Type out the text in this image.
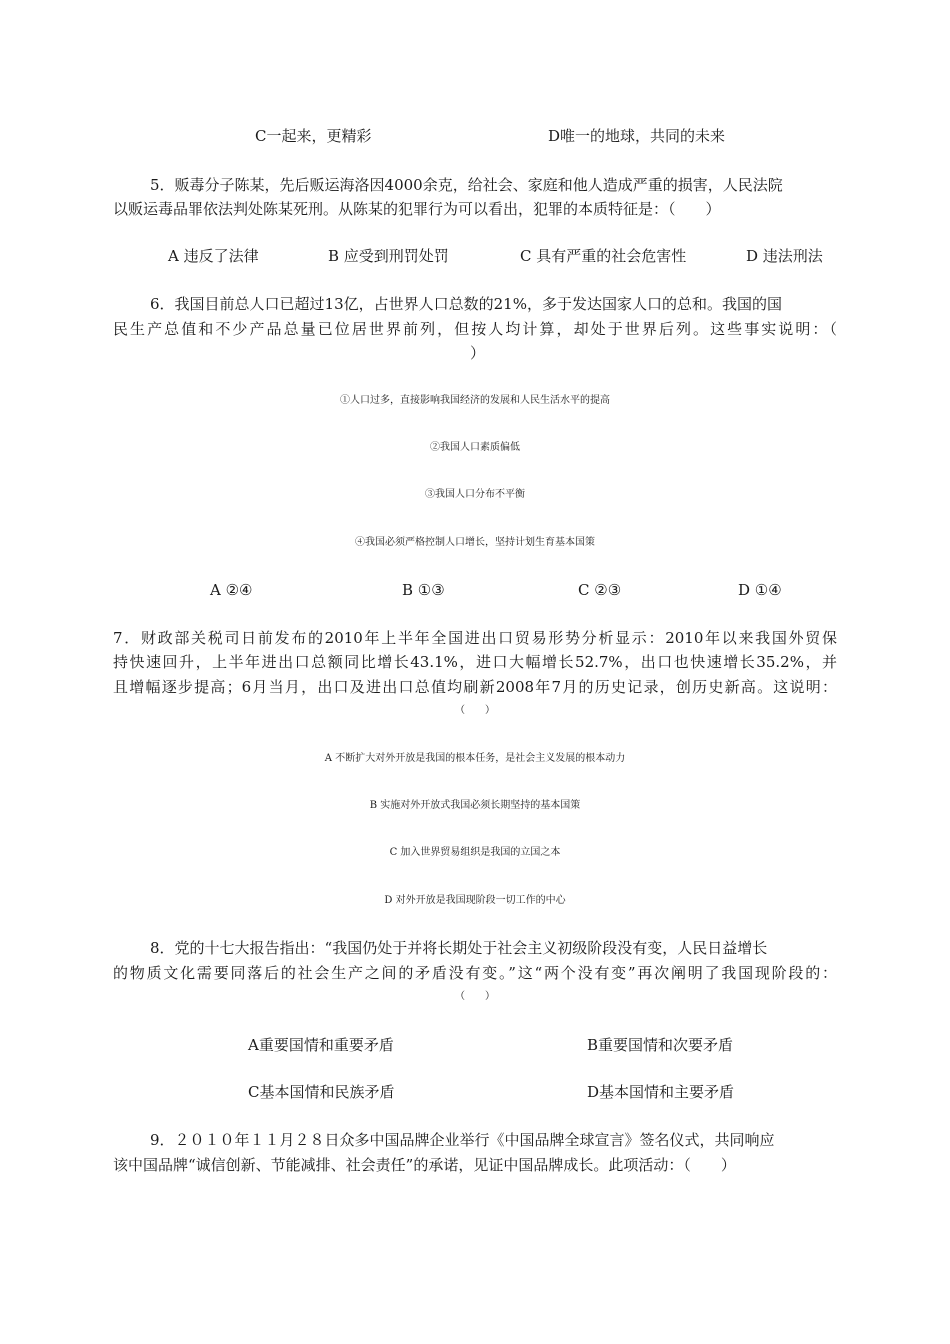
C一起来，更精彩	D唯一的地球，共同的未来
5．贩毒分子陈某，先后贩运海洛因4000余克，给社会、家庭和他人造成严重的损害，人民法院
以贩运毒品罪依法判处陈某死刑。从陈某的犯罪行为可以看出，犯罪的本质特征是：（　　）
A 违反了法律	B 应受到刑罚处罚	C 具有严重的社会危害性	D 违法刑法
6．我国目前总人口已超过13亿，占世界人口总数的21%，多于发达国家人口的总和。我国的国
民生产总值和不少产品总量已位居世界前列，但按人均计算，却处于世界后列。这些事实说明：（
）
①人口过多，直接影响我国经济的发展和人民生活水平的提高
②我国人口素质偏低
③我国人口分布不平衡
④我国必须严格控制人口增长，坚持计划生育基本国策
A ②④	B ①③	C ②③	D ①④
7．财政部关税司日前发布的2010年上半年全国进出口贸易形势分析显示：2010年以来我国外贸保
持快速回升，上半年进出口总额同比增长43.1%，进口大幅增长52.7%，出口也快速增长35.2%，并
且增幅逐步提高；6月当月，出口及进出口总值均刷新2008年7月的历史记录，创历史新高。这说明：
（　　）
A 不断扩大对外开放是我国的根本任务，是社会主义发展的根本动力
B 实施对外开放式我国必须长期坚持的基本国策
C 加入世界贸易组织是我国的立国之本
D 对外开放是我国现阶段一切工作的中心
8．党的十七大报告指出：“我国仍处于并将长期处于社会主义初级阶段没有变，人民日益增长
的物质文化需要同落后的社会生产之间的矛盾没有变。”这“两个没有变”再次阐明了我国现阶段的：
（　　）
A重要国情和重要矛盾	B重要国情和次要矛盾
C基本国情和民族矛盾	D基本国情和主要矛盾
9．２０１０年１１月２８日众多中国品牌企业举行《中国品牌全球宣言》签名仪式，共同响应
该中国品牌“诚信创新、节能减排、社会责任”的承诺，见证中国品牌成长。此项活动：（　　）
